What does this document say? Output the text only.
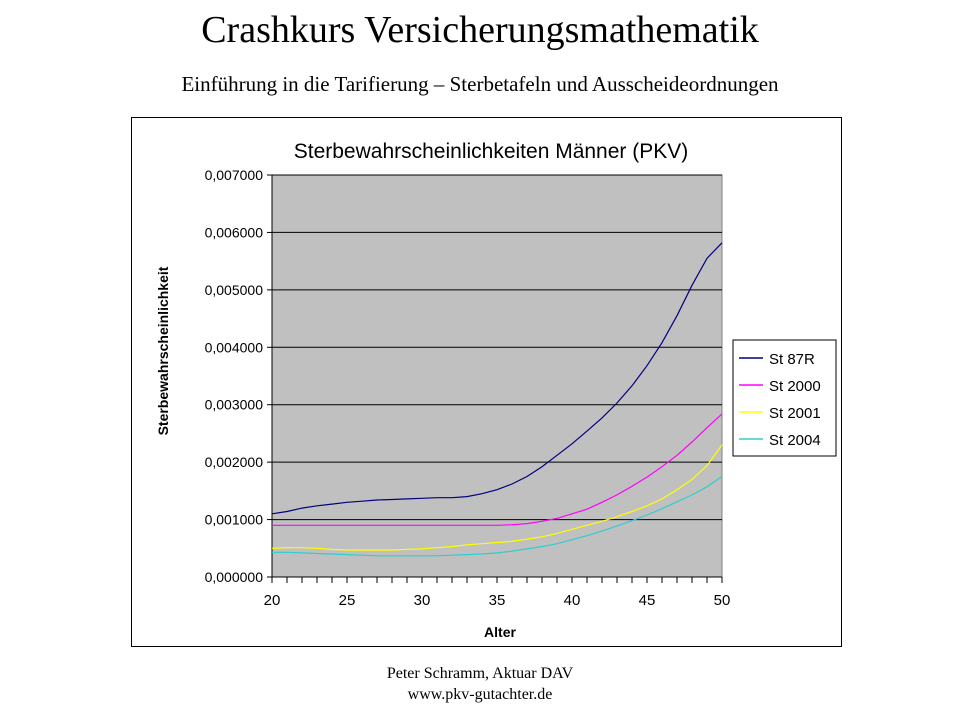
Crashkurs Versicherungsmathematik
Einführung in die Tarifierung – Sterbetafeln und Ausscheideordnungen
Sterbewahrscheinlichkeiten Männer (PKV)
Sterbewahrscheinlichkeit
Alter
0,000000
0,001000
0,002000
0,003000
0,004000
0,005000
0,006000
0,007000
20	25	30	35	40	45	50
St 87R
St 2000
St 2001
St 2004
Peter Schramm, Aktuar DAV
www.pkv-gutachter.de
